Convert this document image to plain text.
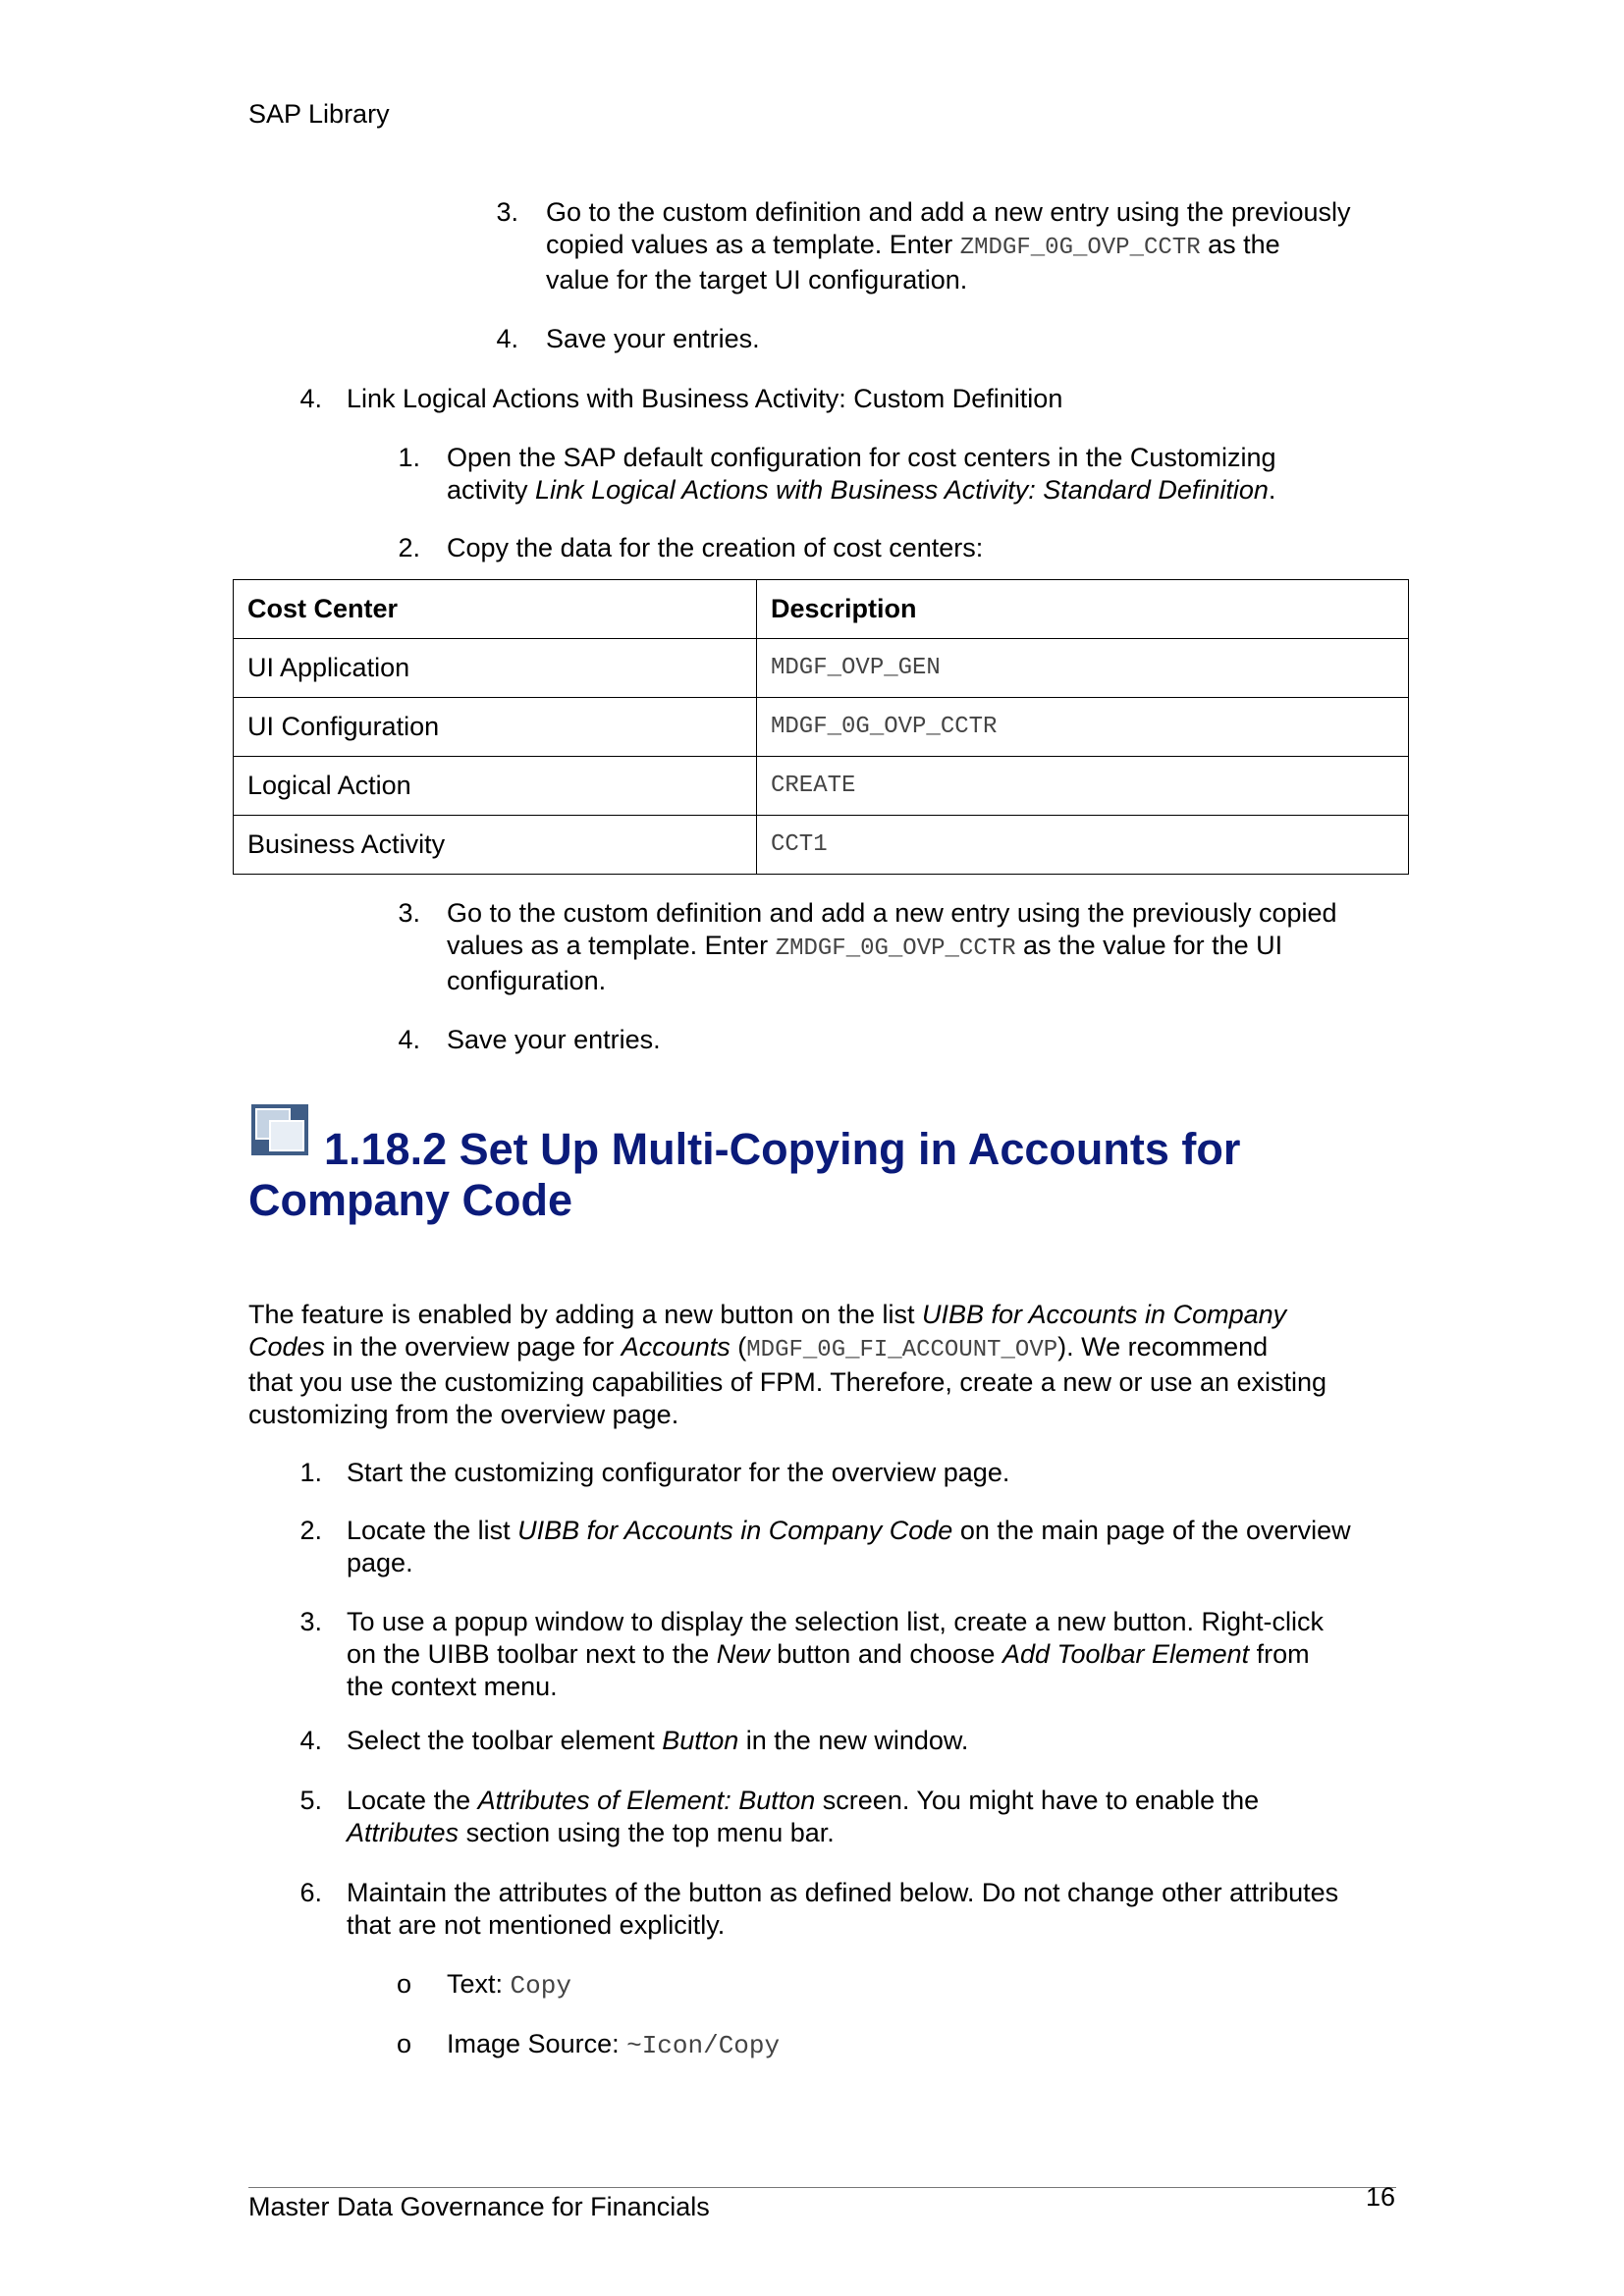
SAP Library
3. Go to the custom definition and add a new entry using the previously
copied values as a template. Enter ZMDGF_0G_OVP_CCTR as the
value for the target UI configuration.
4. Save your entries.
4. Link Logical Actions with Business Activity: Custom Definition
1. Open the SAP default configuration for cost centers in the Customizing
activity Link Logical Actions with Business Activity: Standard Definition.
2. Copy the data for the creation of cost centers:
Cost Center	Description
UI Application	MDGF_OVP_GEN
UI Configuration	MDGF_0G_OVP_CCTR
Logical Action	CREATE
Business Activity	CCT1
3. Go to the custom definition and add a new entry using the previously copied
values as a template. Enter ZMDGF_0G_OVP_CCTR as the value for the UI
configuration.
4. Save your entries.
1.18.2 Set Up Multi-Copying in Accounts for
Company Code
The feature is enabled by adding a new button on the list UIBB for Accounts in Company
Codes in the overview page for Accounts (MDGF_0G_FI_ACCOUNT_OVP). We recommend
that you use the customizing capabilities of FPM. Therefore, create a new or use an existing
customizing from the overview page.
1. Start the customizing configurator for the overview page.
2. Locate the list UIBB for Accounts in Company Code on the main page of the overview
page.
3. To use a popup window to display the selection list, create a new button. Right-click
on the UIBB toolbar next to the New button and choose Add Toolbar Element from
the context menu.
4. Select the toolbar element Button in the new window.
5. Locate the Attributes of Element: Button screen. You might have to enable the
Attributes section using the top menu bar.
6. Maintain the attributes of the button as defined below. Do not change other attributes
that are not mentioned explicitly.
o Text: Copy
o Image Source: ~Icon/Copy
Master Data Governance for Financials	16
